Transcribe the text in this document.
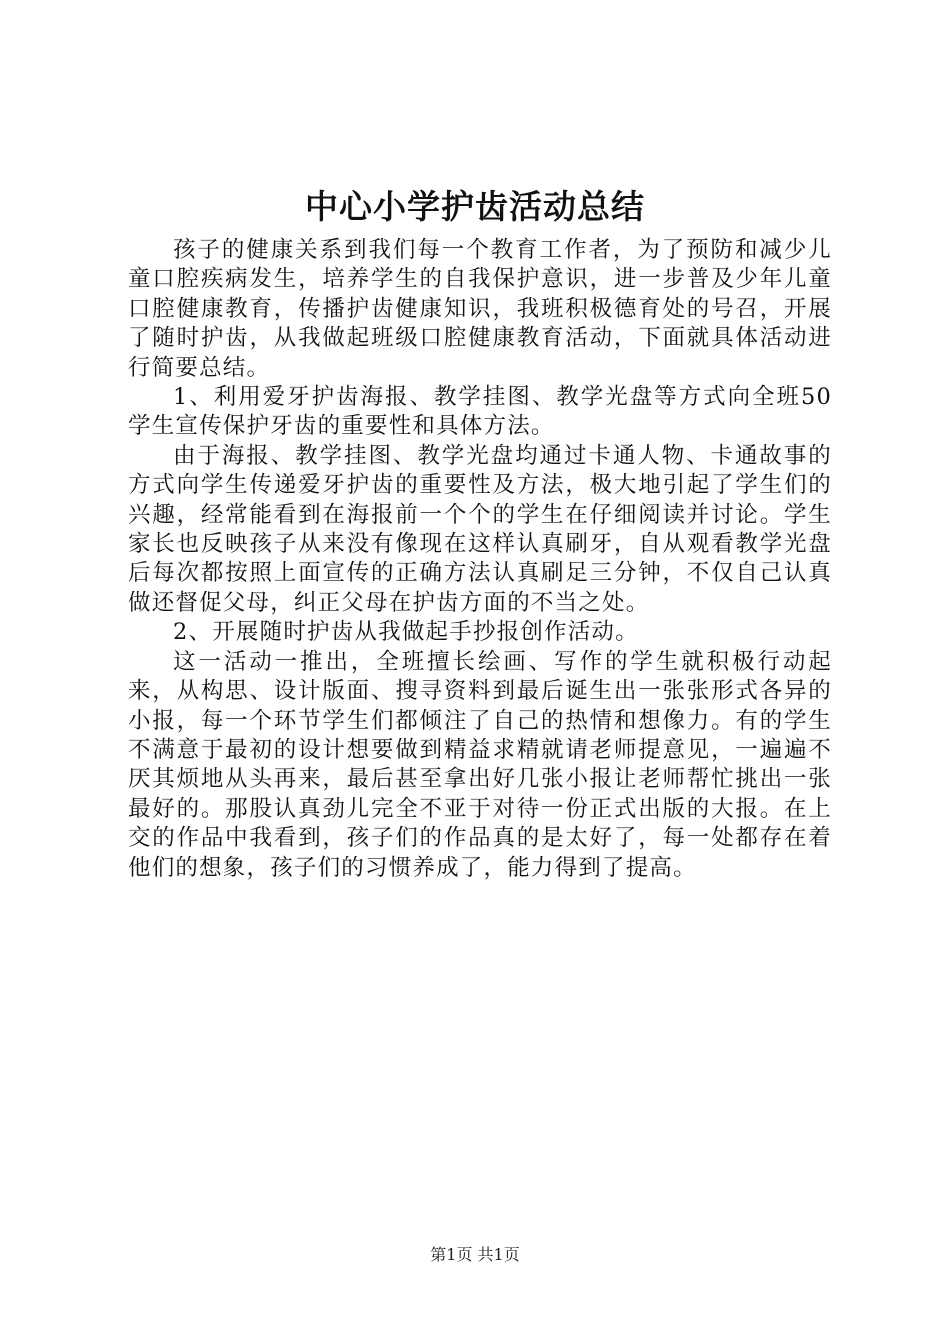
中心小学护齿活动总结

孩子的健康关系到我们每一个教育工作者，为了预防和减少儿童口腔疾病发生，培养学生的自我保护意识，进一步普及少年儿童口腔健康教育，传播护齿健康知识，我班积极德育处的号召，开展了随时护齿，从我做起班级口腔健康教育活动，下面就具体活动进行简要总结。

1、利用爱牙护齿海报、教学挂图、教学光盘等方式向全班50学生宣传保护牙齿的重要性和具体方法。

由于海报、教学挂图、教学光盘均通过卡通人物、卡通故事的方式向学生传递爱牙护齿的重要性及方法，极大地引起了学生们的兴趣，经常能看到在海报前一个个的学生在仔细阅读并讨论。学生家长也反映孩子从来没有像现在这样认真刷牙，自从观看教学光盘后每次都按照上面宣传的正确方法认真刷足三分钟，不仅自己认真做还督促父母，纠正父母在护齿方面的不当之处。

2、开展随时护齿从我做起手抄报创作活动。

这一活动一推出，全班擅长绘画、写作的学生就积极行动起来，从构思、设计版面、搜寻资料到最后诞生出一张张形式各异的小报，每一个环节学生们都倾注了自己的热情和想像力。有的学生不满意于最初的设计想要做到精益求精就请老师提意见，一遍遍不厌其烦地从头再来，最后甚至拿出好几张小报让老师帮忙挑出一张最好的。那股认真劲儿完全不亚于对待一份正式出版的大报。在上交的作品中我看到，孩子们的作品真的是太好了，每一处都存在着他们的想象，孩子们的习惯养成了，能力得到了提高。

第1页 共1页
